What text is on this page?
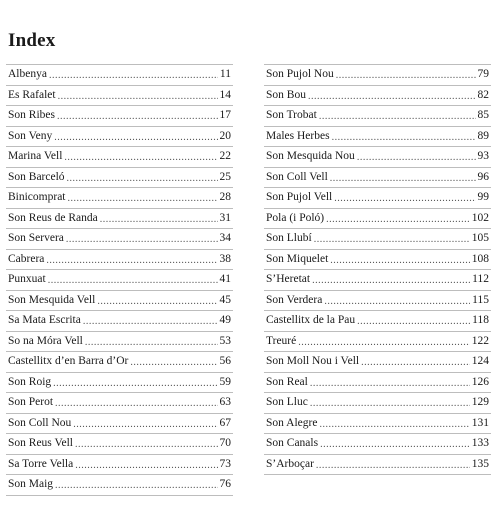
Index
Albenya .....	11
Es Rafalet .....	14
Son Ribes .....	17
Son Veny .....	20
Marina Vell .....	22
Son Barceló .....	25
Binicomprat .....	28
Son Reus de Randa .....	31
Son Servera .....	34
Cabrera .....	38
Punxuat .....	41
Son Mesquida Vell .....	45
Sa Mata Escrita .....	49
So na Móra Vell .....	53
Castellitx d’en Barra d’Or .....	56
Son Roig .....	59
Son Perot .....	63
Son Coll Nou .....	67
Son Reus Vell .....	70
Sa Torre Vella .....	73
Son Maig .....	76
Son Pujol Nou .....	79
Son Bou .....	82
Son Trobat .....	85
Males Herbes .....	89
Son Mesquida Nou .....	93
Son Coll Vell .....	96
Son Pujol Vell .....	99
Pola (i Poló) .....	102
Son Llubí .....	105
Son Miquelet .....	108
S’Heretat .....	112
Son Verdera .....	115
Castellitx de la Pau .....	118
Treuré .....	122
Son Moll Nou i Vell .....	124
Son Real .....	126
Son Lluc .....	129
Son Alegre .....	131
Son Canals .....	133
S’Arboçar .....	135
